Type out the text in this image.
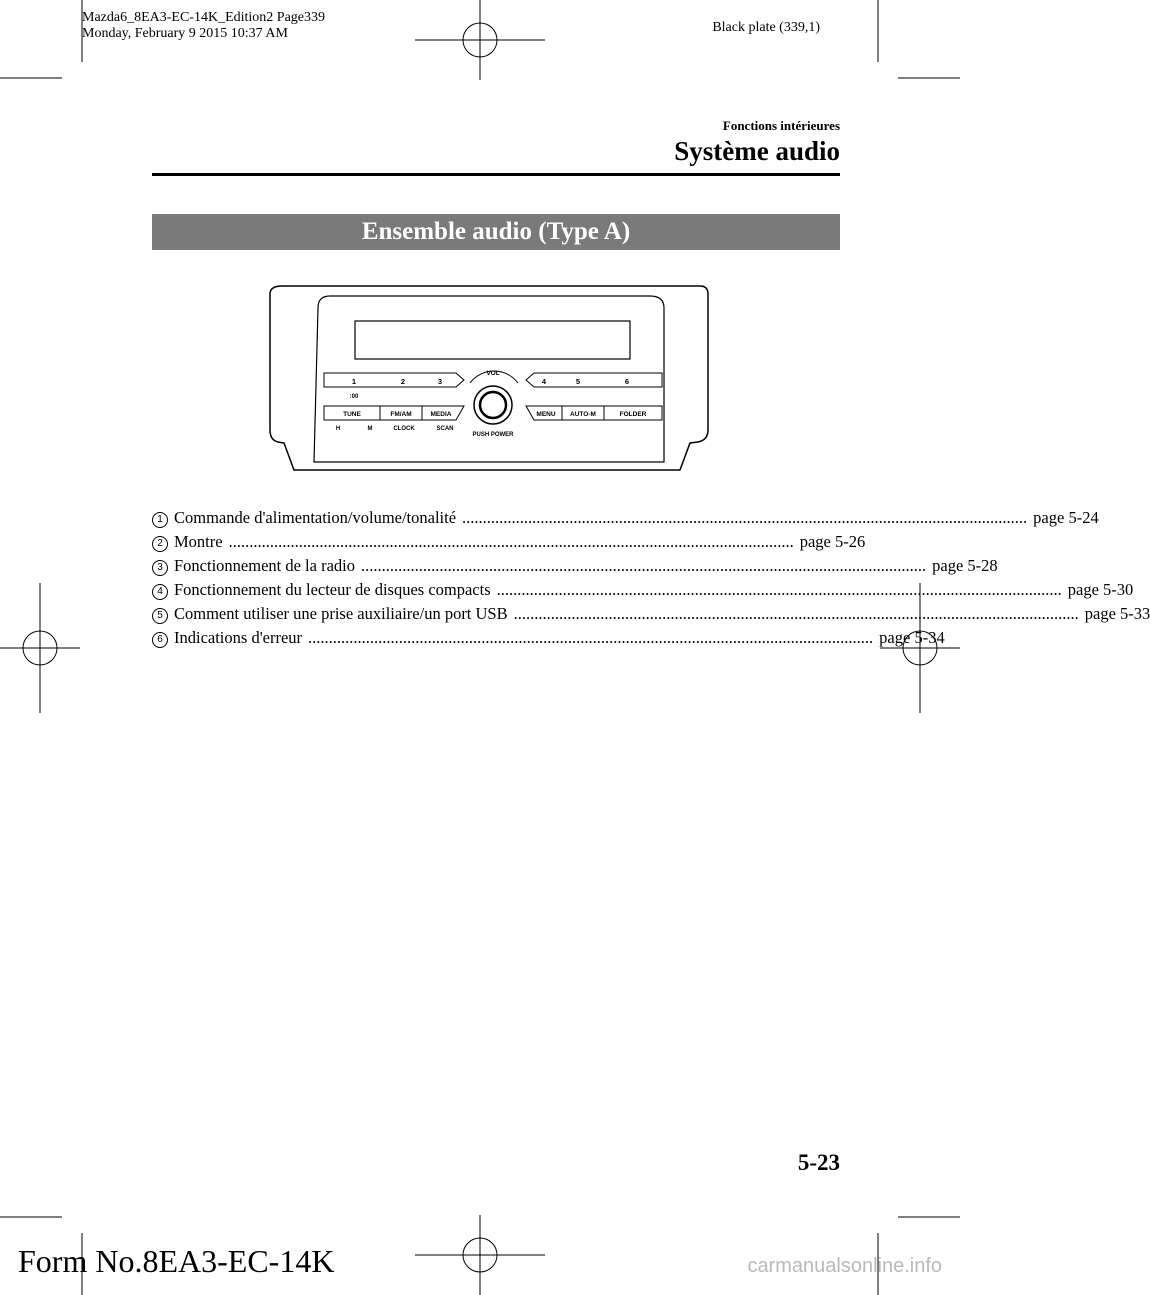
Mazda6_8EA3-EC-14K_Edition2 Page339
Monday, February 9 2015 10:37 AM	Black plate (339,1)
Fonctions intérieures
Système audio
Ensemble audio (Type A)
1	2	3
:00
4	5	6
VOL
PUSH POWER
TUNE	FM/AM	MEDIA
H	M	CLOCK	SCAN
MENU AUTO-M	FOLDER
1 Commande d'alimentation/volume/tonalité ......................................................................................................................................... page 5-24
2 Montre ......................................................................................................................................... page 5-26
3 Fonctionnement de la radio ......................................................................................................................................... page 5-28
4 Fonctionnement du lecteur de disques compacts ......................................................................................................................................... page 5-30
5 Comment utiliser une prise auxiliaire/un port USB ......................................................................................................................................... page 5-33
6 Indications d'erreur ......................................................................................................................................... page 5-34
5-23
Form No.8EA3-EC-14K	carmanualsonline.info
